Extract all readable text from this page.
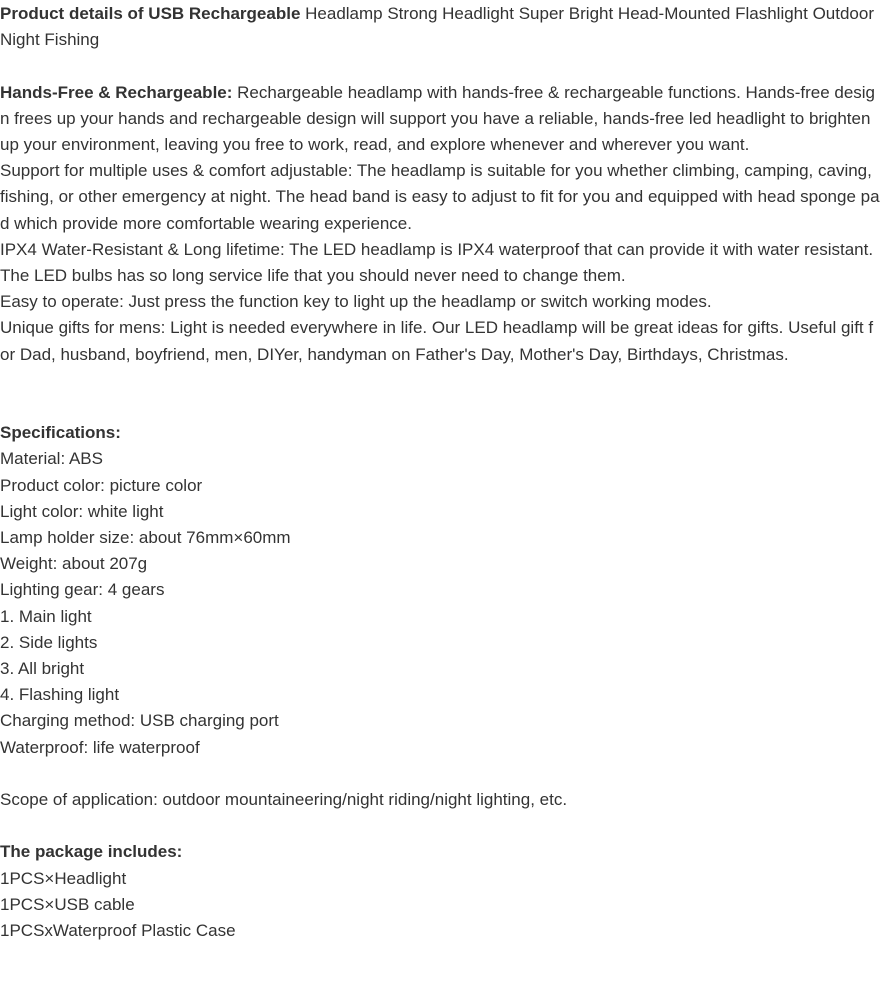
Product details of USB Rechargeable Headlamp Strong Headlight Super Bright Head-Mounted Flashlight Outdoor Night Fishing
Hands-Free & Rechargeable: Rechargeable headlamp with hands-free & rechargeable functions. Hands-free design frees up your hands and rechargeable design will support you have a reliable, hands-free led headlight to brighten up your environment, leaving you free to work, read, and explore whenever and wherever you want.
Support for multiple uses & comfort adjustable: The headlamp is suitable for you whether climbing, camping, caving, fishing, or other emergency at night. The head band is easy to adjust to fit for you and equipped with head sponge pad which provide more comfortable wearing experience.
IPX4 Water-Resistant & Long lifetime: The LED headlamp is IPX4 waterproof that can provide it with water resistant. The LED bulbs has so long service life that you should never need to change them.
Easy to operate: Just press the function key to light up the headlamp or switch working modes.
Unique gifts for mens: Light is needed everywhere in life. Our LED headlamp will be great ideas for gifts. Useful gift for Dad, husband, boyfriend, men, DIYer, handyman on Father's Day, Mother's Day, Birthdays, Christmas.
Specifications:
Material: ABS
Product color: picture color
Light color: white light
Lamp holder size: about 76mm×60mm
Weight: about 207g
Lighting gear: 4 gears
1. Main light
2. Side lights
3. All bright
4. Flashing light
Charging method: USB charging port
Waterproof: life waterproof
Scope of application: outdoor mountaineering/night riding/night lighting, etc.
The package includes:
1PCS×Headlight
1PCS×USB cable
1PCSxWaterproof Plastic Case
